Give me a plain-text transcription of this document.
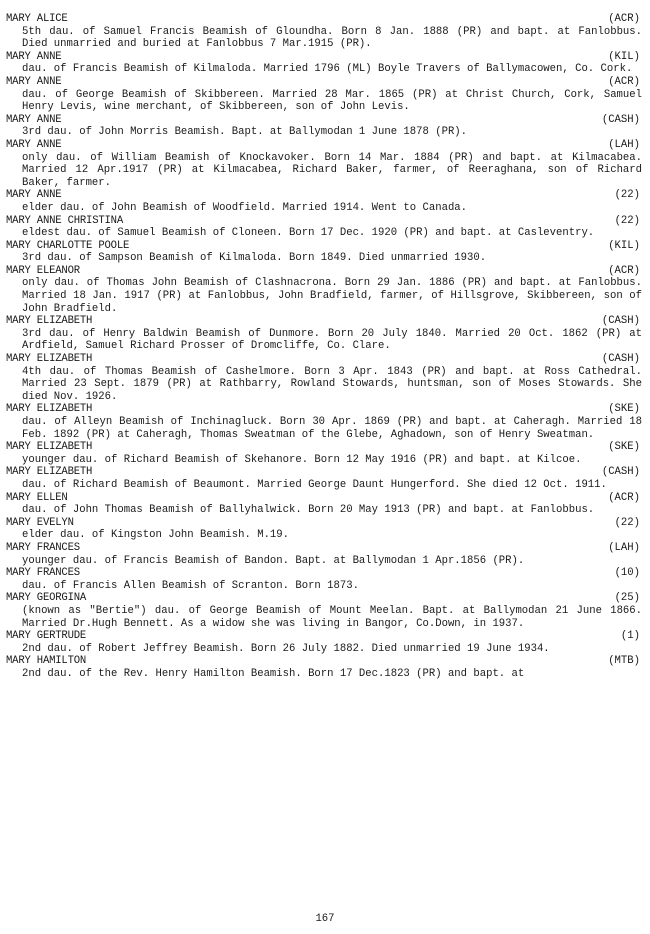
MARY ALICE	(ACR)
5th dau. of Samuel Francis Beamish of Gloundha. Born 8 Jan. 1888 (PR) and bapt. at Fanlobbus. Died unmarried and buried at Fanlobbus 7 Mar.1915 (PR).
MARY ANNE	(KIL)
dau. of Francis Beamish of Kilmaloda. Married 1796 (ML) Boyle Travers of Ballymacowen, Co. Cork.
MARY ANNE	(ACR)
dau. of George Beamish of Skibbereen. Married 28 Mar. 1865 (PR) at Christ Church, Cork, Samuel Henry Levis, wine merchant, of Skibbereen, son of John Levis.
MARY ANNE	(CASH)
3rd dau. of John Morris Beamish. Bapt. at Ballymodan 1 June 1878 (PR).
MARY ANNE	(LAH)
only dau. of William Beamish of Knockavoker. Born 14 Mar. 1884 (PR) and bapt. at Kilmacabea. Married 12 Apr.1917 (PR) at Kilmacabea, Richard Baker, farmer, of Reeraghana, son of Richard Baker, farmer.
MARY ANNE	(22)
elder dau. of John Beamish of Woodfield. Married 1914. Went to Canada.
MARY ANNE CHRISTINA	(22)
eldest dau. of Samuel Beamish of Cloneen. Born 17 Dec. 1920 (PR) and bapt. at Casleventry.
MARY CHARLOTTE POOLE	(KIL)
3rd dau. of Sampson Beamish of Kilmaloda. Born 1849. Died unmarried 1930.
MARY ELEANOR	(ACR)
only dau. of Thomas John Beamish of Clashnacrona. Born 29 Jan. 1886 (PR) and bapt. at Fanlobbus. Married 18 Jan. 1917 (PR) at Fanlobbus, John Bradfield, farmer, of Hillsgrove, Skibbereen, son of John Bradfield.
MARY ELIZABETH	(CASH)
3rd dau. of Henry Baldwin Beamish of Dunmore. Born 20 July 1840. Married 20 Oct. 1862 (PR) at Ardfield, Samuel Richard Prosser of Dromcliffe, Co. Clare.
MARY ELIZABETH	(CASH)
4th dau. of Thomas Beamish of Cashelmore. Born 3 Apr. 1843 (PR) and bapt. at Ross Cathedral. Married 23 Sept. 1879 (PR) at Rathbarry, Rowland Stowards, huntsman, son of Moses Stowards. She died Nov. 1926.
MARY ELIZABETH	(SKE)
dau. of Alleyn Beamish of Inchinagluck. Born 30 Apr. 1869 (PR) and bapt. at Caheragh. Married 18 Feb. 1892 (PR) at Caheragh, Thomas Sweatman of the Glebe, Aghadown, son of Henry Sweatman.
MARY ELIZABETH	(SKE)
younger dau. of Richard Beamish of Skehanore. Born 12 May 1916 (PR) and bapt. at Kilcoe.
MARY ELIZABETH	(CASH)
dau. of Richard Beamish of Beaumont. Married George Daunt Hungerford. She died 12 Oct. 1911.
MARY ELLEN	(ACR)
dau. of John Thomas Beamish of Ballyhalwick. Born 20 May 1913 (PR) and bapt. at Fanlobbus.
MARY EVELYN	(22)
elder dau. of Kingston John Beamish. M.19.
MARY FRANCES	(LAH)
younger dau. of Francis Beamish of Bandon. Bapt. at Ballymodan 1 Apr.1856 (PR).
MARY FRANCES	(10)
dau. of Francis Allen Beamish of Scranton. Born 1873.
MARY GEORGINA	(25)
(known as "Bertie") dau. of George Beamish of Mount Meelan. Bapt. at Ballymodan 21 June 1866. Married Dr.Hugh Bennett. As a widow she was living in Bangor, Co.Down, in 1937.
MARY GERTRUDE	(1)
2nd dau. of Robert Jeffrey Beamish. Born 26 July 1882. Died unmarried 19 June 1934.
MARY HAMILTON	(MTB)
2nd dau. of the Rev. Henry Hamilton Beamish. Born 17 Dec.1823 (PR) and bapt. at
167
